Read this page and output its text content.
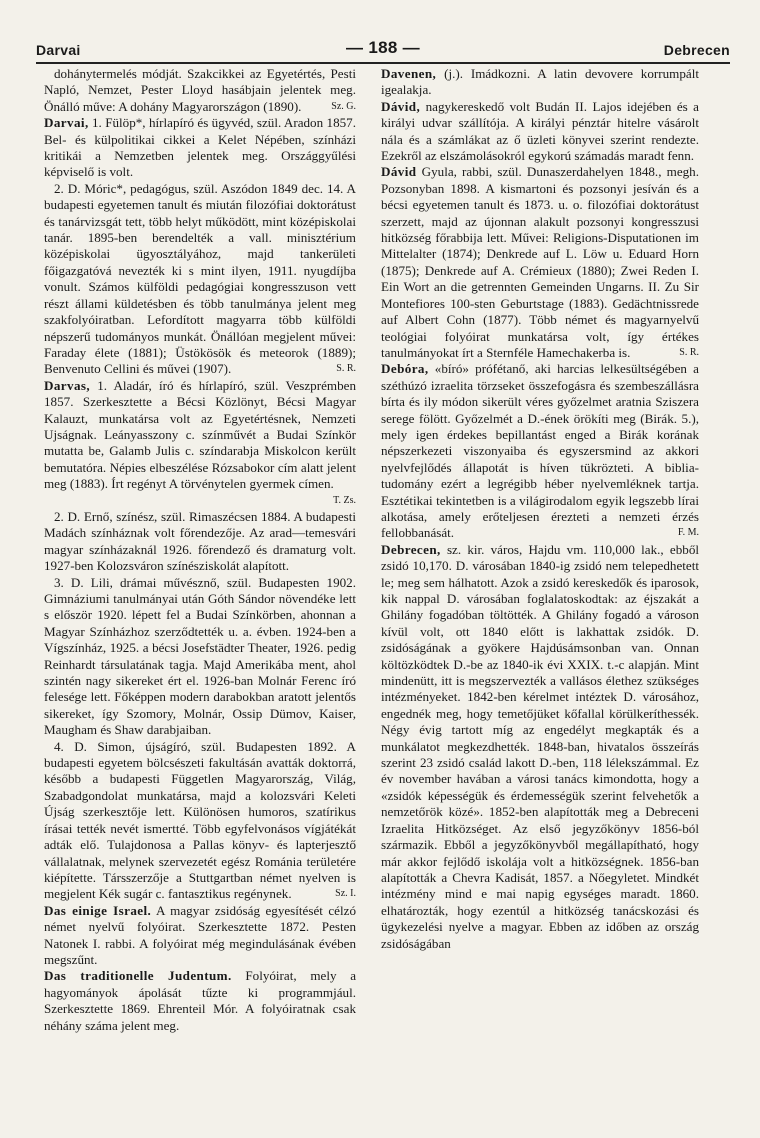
Darvai	— 188 —	Debrecen

dohánytermelés módját. Szakcikkei az Egyetértés, Pesti Napló, Nemzet, Pester Lloyd hasábjain jelentek meg. Önálló műve: A dohány Magyarországon (1890).	Sz. G.

Darvai, 1. Fülöp*, hírlapíró és ügyvéd, szül. Aradon 1857. Bel- és külpolitikai cikkei a Kelet Népében, színházi kritikái a Nemzetben jelentek meg. Országgyűlési képviselő is volt.

2. D. Móric*, pedagógus, szül. Aszódon 1849 dec. 14. A budapesti egyetemen tanult és miután filozófiai doktorátust és tanárvizsgát tett, több helyt működött, mint középiskolai tanár. 1895-ben berendelték a vall. minisztérium középiskolai ügyosztályához, majd tankerületi főigazgatóvá nevezték ki s mint ilyen, 1911. nyugdíjba vonult. Számos külföldi pedagógiai kongresszuson vett részt állami küldetésben és több tanulmánya jelent meg szakfolyóiratban. Lefordított magyarra több külföldi népszerű tudományos munkát. Önállóan megjelent művei: Faraday élete (1881); Üstökösök és meteorok (1889); Benvenuto Cellini és művei (1907).	S. R.

Darvas, 1. Aladár, író és hírlapíró, szül. Veszprémben 1857. Szerkesztette a Bécsi Közlönyt, Bécsi Magyar Kalauzt, munkatársa volt az Egyetértésnek, Nemzeti Ujságnak. Leányasszony c. színművét a Budai Színkör mutatta be, Galamb Julis c. színdarabja Miskolcon került bemutatóra. Népies elbeszélése Rózsabokor cím alatt jelent meg (1883). Írt regényt A törvénytelen gyermek címen.
T. Zs.

2. D. Ernő, színész, szül. Rimaszécsen 1884. A budapesti Madách színháznak volt főrendezője. Az arad—temesvári magyar színházaknál 1926. főrendező és dramaturg volt. 1927-ben Kolozsváron színésziskolát alapított.

3. D. Lili, drámai művésznő, szül. Budapesten 1902. Gimnáziumi tanulmányai után Góth Sándor növendéke lett s először 1920. lépett fel a Budai Színkörben, ahonnan a Magyar Színházhoz szerződtették u. a. évben. 1924-ben a Vígszínház, 1925. a bécsi Josefstädter Theater, 1926. pedig Reinhardt társulatának tagja. Majd Amerikába ment, ahol szintén nagy sikereket ért el. 1926-ban Molnár Ferenc író felesége lett. Főképpen modern darabokban aratott jelentős sikereket, így Szomory, Molnár, Ossip Dümov, Kaiser, Maugham és Shaw darabjaiban.

4. D. Simon, újságíró, szül. Budapesten 1892. A budapesti egyetem bölcsészeti fakultásán avatták doktorrá, később a budapesti Független Magyarország, Világ, Szabadgondolat munkatársa, majd a kolozsvári Keleti Újság szerkesztője lett. Különösen humoros, szatírikus írásai tették nevét ismertté. Több egyfelvonásos vígjátékát adták elő. Tulajdonosa a Pallas könyv- és lapterjesztő vállalatnak, melynek szervezetét egész Románia területére kiépítette. Társszerzője a Stuttgartban német nyelven is megjelent Kék sugár c. fantasztikus regénynek.	Sz. I.

Das einige Israel. A magyar zsidóság egyesítését célzó német nyelvű folyóirat. Szerkesztette 1872. Pesten Natonek I. rabbi. A folyóirat még megindulásának évében megszűnt.

Das traditionelle Judentum. Folyóirat, mely a hagyományok ápolását tűzte ki programmjául. Szerkesztette 1869. Ehrenteil Mór. A folyóiratnak csak néhány száma jelent meg.

Davenen, (j.). Imádkozni. A latin devovere korrumpált igealakja.

Dávid, nagykereskedő volt Budán II. Lajos idejében és a királyi udvar szállítója. A királyi pénztár hitelre vásárolt nála és a számlákat az ő üzleti könyvei szerint rendezte. Ezekről az elszámolásokról egykorú számadás maradt fenn.

Dávid Gyula, rabbi, szül. Dunaszerdahelyen 1848., megh. Pozsonyban 1898. A kismartoni és pozsonyi jesíván és a bécsi egyetemen tanult és 1873. u. o. filozófiai doktorátust szerzett, majd az újonnan alakult pozsonyi kongresszusi hitközség főrabbija lett. Művei: Religions-Disputationen im Mittelalter (1874); Denkrede auf L. Löw u. Eduard Horn (1875); Denkrede auf A. Crémieux (1880); Zwei Reden I. Ein Wort an die getrennten Gemeinden Ungarns. II. Zu Sir Montefiores 100-sten Geburtstage (1883). Gedächtnissrede auf Albert Cohn (1877). Több német és magyarnyelvű teológiai folyóirat munkatársa volt, így értékes tanulmányokat írt a Sternféle Hamechakerba is.	S. R.

Debóra, «bíró» prófétanő, aki harcias lelkesültségében a széthúzó izraelita törzseket összefogásra és szembeszállásra bírta és ily módon sikerült véres győzelmet aratnia Sziszera serege fölött. Győzelmét a D.-ének örökíti meg (Birák. 5.), mely igen érdekes bepillantást enged a Birák korának népszerkezeti viszonyaiba és egyszersmind az akkori nyelvfejlődés állapotát is híven tükrözteti. A biblia-tudomány ezért a legrégibb héber nyelvemléknek tartja. Esztétikai tekintetben is a világirodalom egyik legszebb lírai alkotása, amely erőteljesen érezteti a nemzeti érzés fellobbanását.	F. M.

Debrecen, sz. kir. város, Hajdu vm. 110,000 lak., ebből zsidó 10,170. D. városában 1840-ig zsidó nem telepedhetett le; meg sem hálhatott. Azok a zsidó kereskedők és iparosok, kik nappal D. városában foglalatoskodtak: az éjszakát a Ghilány fogadóban töltötték. A Ghilány fogadó a városon kívül volt, ott 1840 előtt is lakhattak zsidók. D. zsidóságának a gyökere Hajdúsámsonban van. Onnan költözködtek D.-be az 1840-ik évi XXIX. t.-c alapján. Mint mindenütt, itt is megszervezték a vallásos élethez szükséges intézményeket. 1842-ben kérelmet intéztek D. városához, engednék meg, hogy temetőjüket kőfallal körülkeríthessék. Négy évig tartott míg az engedélyt megkapták és a munkálatot megkezdhették. 1848-ban, hivatalos összeírás szerint 23 zsidó család lakott D.-ben, 118 lélekszámmal. Ez év november havában a városi tanács kimondotta, hogy a «zsidók képességük és érdemességük szerint felvehetők a nemzetőrök közé». 1852-ben alapították meg a Debreceni Izraelita Hitközséget. Az első jegyzőkönyv 1856-ból származik. Ebből a jegyzőkönyvből megállapítható, hogy már akkor fejlődő iskolája volt a hitközségnek. 1856-ban alapították a Chevra Kadisát, 1857. a Nőegyletet. Mindkét intézmény mind e mai napig egységes maradt. 1860. elhatározták, hogy ezentúl a hitközség tanácskozási és ügykezelési nyelve a magyar. Ebben az időben az ország zsidóságában
